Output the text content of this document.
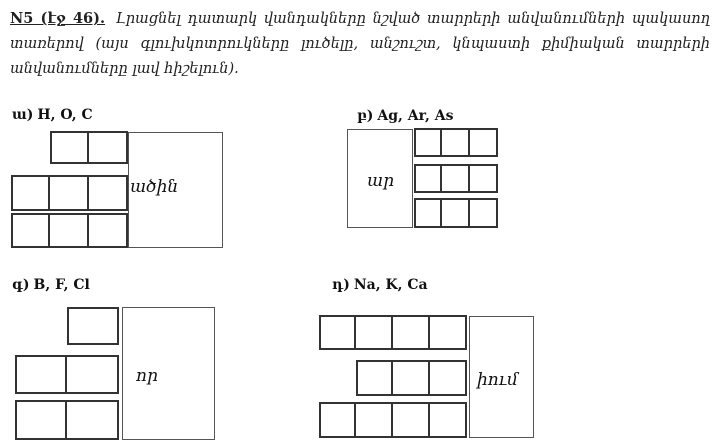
N5 (էջ 46). Լրացնել դատարկ վանդակները նշված տարրերի անվանումների պակասող տառերով (այս գլուխկոտրուկները լուծելը, անշուշտ, կնպաստի քիմիական տարրերի անվանումները լավ հիշելուն).
ա) H, O, C
ածին
բ) Ag, Ar, As
ար
գ) B, F, Cl
որ
դ) Na, K, Ca
իում
